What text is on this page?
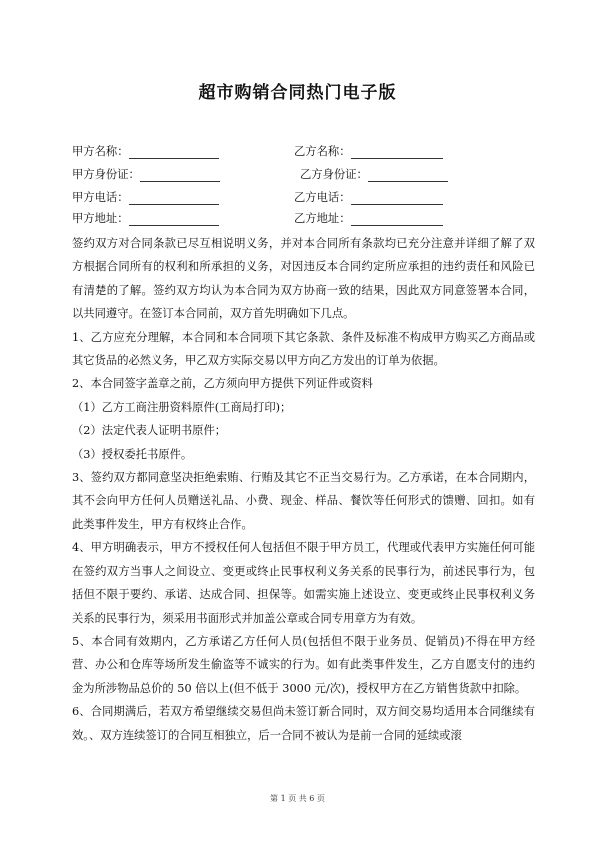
超市购销合同热门电子版
甲方名称：	乙方名称：
甲方身份证：	乙方身份证：
甲方电话：	乙方电话：
甲方地址：	乙方地址：

签约双方对合同条款已尽互相说明义务，并对本合同所有条款均已充分注意并详细了解了双方根据合同所有的权利和所承担的义务，对因违反本合同约定所应承担的违约责任和风险已有清楚的了解。签约双方均认为本合同为双方协商一致的结果，因此双方同意签署本合同，以共同遵守。在签订本合同前，双方首先明确如下几点。

1、乙方应充分理解，本合同和本合同项下其它条款、条件及标准不构成甲方购买乙方商品或其它货品的必然义务，甲乙双方实际交易以甲方向乙方发出的订单为依据。

2、本合同签字盖章之前，乙方须向甲方提供下列证件或资料

（1）乙方工商注册资料原件(工商局打印)；

（2）法定代表人证明书原件；

（3）授权委托书原件。

3、签约双方都同意坚决拒绝索贿、行贿及其它不正当交易行为。乙方承诺，在本合同期内，其不会向甲方任何人员赠送礼品、小费、现金、样品、餐饮等任何形式的馈赠、回扣。如有此类事件发生，甲方有权终止合作。

4、甲方明确表示，甲方不授权任何人包括但不限于甲方员工，代理或代表甲方实施任何可能在签约双方当事人之间设立、变更或终止民事权利义务关系的民事行为，前述民事行为，包括但不限于要约、承诺、达成合同、担保等。如需实施上述设立、变更或终止民事权利义务关系的民事行为，须采用书面形式并加盖公章或合同专用章方为有效。

5、本合同有效期内，乙方承诺乙方任何人员(包括但不限于业务员、促销员)不得在甲方经营、办公和仓库等场所发生偷盗等不诚实的行为。如有此类事件发生，乙方自愿支付的违约金为所涉物品总价的 50 倍以上(但不低于 3000 元/次)，授权甲方在乙方销售货款中扣除。

6、合同期满后，若双方希望继续交易但尚未签订新合同时，双方间交易均适用本合同继续有效。、双方连续签订的合同互相独立，后一合同不被认为是前一合同的延续或滚

第 1 页 共 6 页
